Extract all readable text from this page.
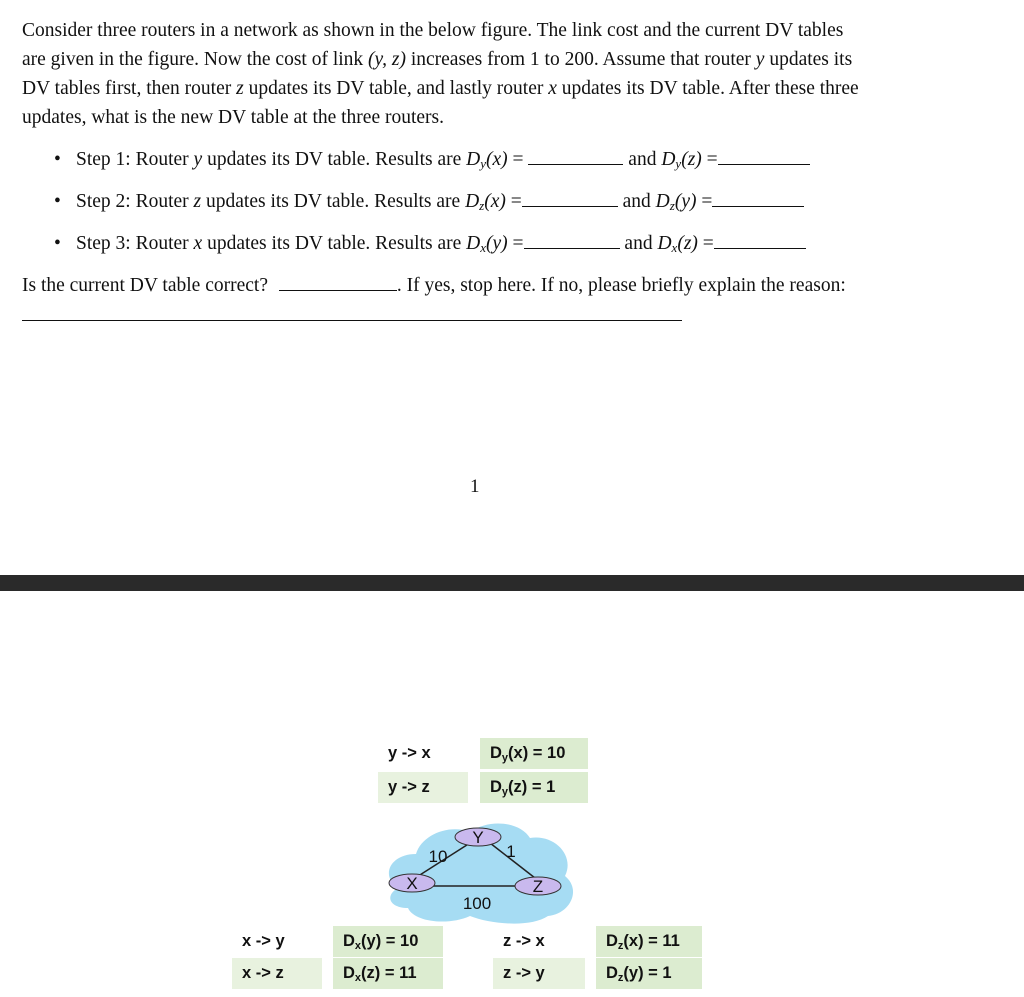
Consider three routers in a network as shown in the below figure. The link cost and the current DV tables
are given in the figure. Now the cost of link (y, z) increases from 1 to 200. Assume that router y updates its
DV tables first, then router z updates its DV table, and lastly router x updates its DV table. After these three
updates, what is the new DV table at the three routers.
• Step 1: Router y updates its DV table. Results are $D_y(x)$ =	and $D_y(z)$ =
• Step 2: Router z updates its DV table. Results are $D_z(x)$ =	and $D_z(y)$ =
• Step 3: Router x updates its DV table. Results are $D_x(y)$ =	and $D_x(z)$ =
Is the current DV table correct?	. If yes, stop here. If no, please briefly explain the reason:
1
y -> x	Dy(x) = 10
y -> z	Dy(z) = 1
Y
X	Z
10	1
100
x -> y	Dx(y) = 10
x -> z	Dx(z) = 11
z -> x	Dz(x) = 11
z -> y	Dz(y) = 1
